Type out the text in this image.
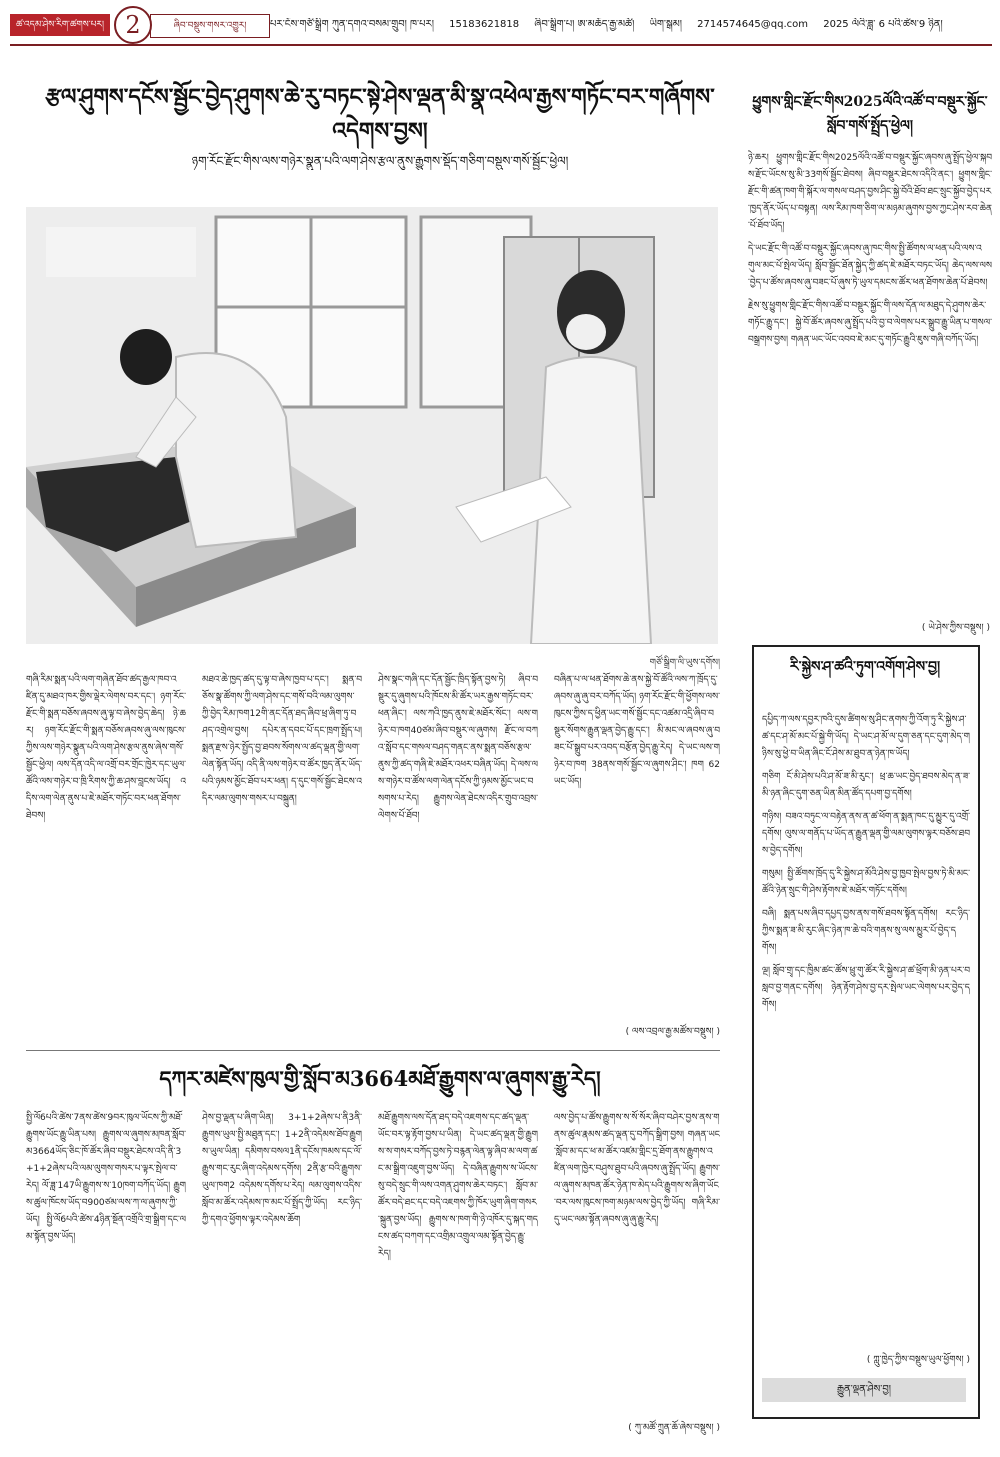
ཚ་འདམ་ཤེས་རིག་ཚགས་པར། 2	ཞིབ་བསྡུས་གསར་འགྱུར།	པར་ངོས་གཙོ་སྒྲིག ཀུན་དགའ་བསམ་གྲུབ། ཁ་པར། 15183621818 ཞིབ་སྒྲིག་པ། ཨ་མཆོད་རྒྱ་མཚོ། ཡིག་སྒམ། 2714574645@qq.com 2025 ལོའི་ཟླ་ 6 པའི་ཚེས་9 ཉིན།
རྩལ་ཤུགས་དངོས་སྦྱོང་བྱེད་ཤུགས་ཆེ་རུ་བཏང་སྟེ་ཤེས་ལྡན་མི་སྣ་འཕེལ་རྒྱས་གཏོང་བར་གཞོགས་འདེགས་བྱས།
ཉག་རོང་རྫོང་གིས་ལས་གཉེར་སྣུན་པའི་ལག་ཤེས་རྩལ་ནུས་རྒྱུགས་སྡོད་གཅིག་བསྡུས་གསོ་སྦྱོང་ཕྱེལ།
གཙོ་སྒྲིག་ལི་ཡུས་དགོས།
གཞི་རིམ་སྨན་པའི་ལག་གཞེན་ཐོབ་ཚད་རྒྱལ་ཁབ་འཛིན་དུ་མཐའ་ཁར་གྱིས་ལྡེར་ལེགས་བར་དང་། ཉག་རོང་རྫོང་གི་སྨན་བཅོས་ཞབས་ཞུ་ལྟ་བ་ཞེས་བྱེད་ཆེད། ཉེ་ཆར། ཉག་རོང་རྫོང་གི་སྨན་བཅོས་ཞབས་ཞུ་ལས་ཁུངས་ཀྱིས་ལས་གཉེར་སྣུན་པའི་ལག་ཤེས་རྩལ་ནུས་ཞེས་གསོ་སྦྱོང་ཕྱེལ། ལས་དོན་འདི་ལ་འགྲོ་བར་གྲོང་ཁྱེར་དང་ཡུལ་ཚོའི་ལས་གཉེར་བ་ཁྲི་རིགས་ཀྱི་ཆ་ཤས་བླངས་ཡོད། འདིས་ལག་ལེན་ནུས་པ་ཇེ་མཐོར་གཏོང་བར་ཕན་ཐོགས་ཐེབས།
མཐའ་ཆེ་ཁྱད་ཚད་དུ་ལྟ་བ་ཞེས་ཁྱབ་པ་དང་། སྨན་བཅོས་སྣ་ཚོགས་ཀྱི་ལག་ཤེས་དང་གསོ་བའི་ལམ་ལུགས་ཀྱི་བྱེད་རིམ་ཁག12གི་ནང་དོན་ཐད་ཞིབ་ཕྲ་ཞིག་ཏུ་བཤད་འགྲེལ་བྱས། དཔེར་ན་དབང་པོ་དང་ཁྲག་སྤྲོད་པ། སྨན་རྫས་ཉེར་སྤྱོད་བྱ་ཐབས་སོགས་ལ་ཚད་ལྡན་གྱི་ལག་ལེན་སྟོན་ཡོད། འདི་ནི་ལས་གཉེར་བ་ཚོར་ཁྱད་ནོར་ཡོད་པའི་ཉམས་མྱོང་ཐོབ་པར་ཕན། ད་དུང་གསོ་སྦྱོང་ཐེངས་འདིར་ལམ་ལུགས་གསར་པ་བསྐྲུན།
ཤེས་སྣང་གཞི་དང་དོན་སྦྱོང་ཁྲིད་སྟོན་བྱས་ཏེ། ཞིབ་བསྡུར་དུ་ཞུགས་པའི་ཁོངས་མི་ཚོར་ཡར་རྒྱས་གཏོང་བར་ཕན་ཞིང་། ལས་ཀའི་ཁྱད་ནུས་ཇེ་མཐོར་སོང་། ལས་གཉེར་བ་ཁག40ཙམ་ཞིབ་བསྡུར་ལ་ཞུགས། རྫོང་ལ་བཀའ་སློབ་དང་གསལ་བཤད་གནང་ནས་སྨན་བཅོས་རྩལ་ནུས་ཀྱི་ཚད་གཞི་ཇེ་མཐོར་འཕར་བཞིན་ཡོད། དེ་ལས་ལས་གཉེར་བ་ཚོས་ལག་ལེན་དངོས་ཀྱི་ཉམས་མྱོང་ཡང་བསགས་པ་རེད། རྒྱུགས་ལེན་ཐེངས་འདིར་གྲུབ་འབྲས་ལེགས་པོ་ཐོབ།
བཞིན་པ་ལ་ཕན་ཐོགས་ཆེ་ནས་སྐྱེ་བོ་ཚོའི་ལས་ཀ་ཁྲོད་དུ་ཞབས་ཞུ་ཞུ་བར་བཀོད་ཡོད། ཉག་རོང་རྫོང་གི་ཕྱོགས་ལས་ཁུངས་ཀྱིས་ད་ཕྱིན་ཡང་གསོ་སྦྱོང་དང་འཚམ་འདྲི་ཞིབ་བསྡུར་སོགས་རྒྱུན་ལྡན་བྱེད་རྒྱུ་དང་། མི་མང་ལ་ཞབས་ཞུ་བཟང་པོ་སྒྲུབ་པར་འབད་བརྩོན་བྱེད་རྒྱུ་རེད། དེ་ཡང་ལས་གཉེར་བ་ཁག 38ནས་གསོ་སྦྱོང་ལ་ཞུགས་ཤིང་། ཁག 62ཡང་ཡོད།
( ལས་འབྲལ་རྒྱ་མཚོས་བསྡུས། )
དཀར་མཛེས་ཁུལ་གྱི་སློབ་མ3664མཐོ་རྒྱུགས་ལ་ཞུགས་རྒྱུ་རེད།
སྤྱི་ལོ6པའི་ཚེས་7ནས་ཚེས་9བར་ཁུལ་ཡོངས་ཀྱི་མཐོ་རྒྱུགས་ཡོང་རྒྱུ་ཡིན་པས། རྒྱུགས་ལ་ཞུགས་མཁན་སློབ་མ3664ཡོད་ཅིང་ཁོ་ཚོར་ཞིབ་བསྡུར་ཐེངས་འདི་ནི་3+1+2ཞེས་པའི་ལམ་ལུགས་གསར་པ་ལྟར་སྤེལ་བ་རེད། ལོ་ཟླ་147ཡི་རྒྱུགས་ས་10ཁག་བཀོད་ཡོད། རྒྱུགས་ཚུལ་ཁོངས་ཡོད་བ900ཙམ་ལས་ཀ་ལ་ཞུགས་ཀྱི་ཡོད། སྤྱི་ལོ6པའི་ཚེས་4ཉིན་སྔོན་འགྲོའི་གྲ་སྒྲིག་དང་ལམ་སྟོན་བྱས་ཡོད།
ཤེས་བྱ་ལྡན་པ་ཞིག་ཡིན། 3+1+2ཞེས་པ་ནི3ནི་རྒྱུགས་ཡུལ་སྤྱི་མཐུན་དང་། 1+2ནི་འདེམས་ཐོབ་རྒྱུགས་ཡུལ་ཡིན། དམིགས་བསལ1ནི་དངོས་ཁམས་དང་ལོ་རྒྱུས་གང་རུང་ཞིག་འདེམས་དགོས། 2ནི་རྩ་བའི་རྒྱུགས་ཡུལ་ཁག2 འདེམས་དགོས་པ་རེད། ལམ་ལུགས་འདིས་སློབ་མ་ཚོར་འདེམས་ཁ་མང་པོ་སྤྲོད་ཀྱི་ཡོད། རང་ཉིད་ཀྱི་དགའ་ཕྱོགས་ལྟར་འདེམས་ཆོག
མཐོ་རྒྱུགས་ལས་དོན་ཐད་བདེ་འཇགས་དང་ཚད་ལྡན་ཡོང་བར་ལྟ་རྟོག་བྱས་པ་ཡིན། དེ་ཡང་ཚད་ལྡན་གྱི་རྒྱུགས་ས་གསར་བཀོད་བྱས་ཏེ་བརྙན་ལེན་ལྟ་ཞིབ་མ་ལག་ཚང་མ་སྒྲིག་འཇུག་བྱས་ཡོད། དེ་བཞིན་རྒྱུགས་ས་ཡོངས་སུ་བདེ་སྲུང་གི་ལས་འགན་ཤུགས་ཆེར་བཏང་། སློབ་མ་ཚོར་བདེ་ཐང་དང་བདེ་འཇགས་ཀྱི་ཁོར་ཡུག་ཞིག་གསར་སྐྲུན་བྱས་ཡོད། རྒྱུགས་ས་ཁག་གི་ཉེ་འཁོར་དུ་སྐད་གདངས་ཚད་བཀག་དང་འགྲིམ་འགྲུལ་ལམ་སྟོན་བྱེད་རྒྱུ་རེད།
ལས་བྱེད་པ་ཚོས་རྒྱུགས་ས་སོ་སོར་ཞིབ་བཤེར་བྱས་ནས་གནས་ཚུལ་རྣམས་ཚད་ལྡན་དུ་བཀོད་སྒྲིག་བྱས། གཞན་ཡང་སློབ་མ་དང་ཕ་མ་ཚོར་འཛམ་གླིང་དྲ་ཐོག་ནས་རྒྱུགས་འཛིན་ལག་ཁྱེར་བཤུས་ཐུབ་པའི་ཞབས་ཞུ་སྤྲོད་ཡོད། རྒྱུགས་ལ་ཞུགས་མཁན་ཚོར་ཉེན་ཁ་མེད་པའི་རྒྱུགས་ས་ཞིག་ཡོང་བར་ལས་ཁུངས་ཁག་མཉམ་ལས་བྱེད་ཀྱི་ཡོད། གཞི་རིམ་དུ་ཡང་ལམ་སྟོན་ཞབས་ཞུ་ཞུ་རྒྱུ་རེད།
( ཀུ་མཚོ་ཀྲུན་ཆོ་ཞེས་བསྡུས། )
ཕྱུགས་གླིང་རྫོང་གིས2025ལོའི་འཚོ་བ་བསྡུར་སྐྱོང་སློབ་གསོ་སྤྲོད་ཕྱེལ།

ཉེ་ཆར། ཕྱུགས་གླིང་རྫོང་གིས2025ལོའི་འཚོ་བ་བསྡུར་སྐྱོང་ཞབས་ཞུ་སྤྲོད་ཕྱེལ་སྐབས་རྫོང་ཡོངས་སུ་མི་33གསོ་སྦྱོང་ཐེབས། ཞིབ་བསྡུར་ཐེངས་འདིའི་ནང་། ཕྱུགས་གླིང་རྫོང་གི་ཚན་ཁག་གི་སྐོར་ལ་གསལ་བཤད་བྱས་ཤིང་སྐྱེ་བོའི་ཐོབ་ཐང་སྲུང་སྐྱོབ་བྱེད་པར་ཁྱད་ནོར་ཡོད་པ་བསྟན། ལས་རིམ་ཁག་ཅིག་ལ་མཉམ་ཞུགས་བྱས་ཀྱང་ཤེས་རབ་ཆེན་པོ་ཐོབ་ཡོད།

དེ་ཡང་རྫོང་གི་འཚོ་བ་བསྡུར་སྐྱོང་ཞབས་ཞུ་ཁང་གིས་སྤྱི་ཚོགས་ལ་ཕན་པའི་ལས་འགུལ་མང་པོ་སྤེལ་ཡོད། སློབ་སྦྱོང་ཐོན་སྐྱེད་ཀྱི་ཚད་ཇེ་མཐོར་བཏང་ཡོད། ཆེད་ལས་ལས་བྱེད་པ་ཚོས་ཞབས་ཞུ་བཟང་པོ་ཞུས་ཏེ་ཡུལ་དམངས་ཚོར་ཕན་ཐོགས་ཆེན་པོ་ཐེབས།

རྗེས་སུ་ཕྱུགས་གླིང་རྫོང་གིས་འཚོ་བ་བསྡུར་སྐྱོང་གི་ལས་དོན་ལ་མཐུད་དེ་ཤུགས་ཆེར་གཏོང་རྒྱུ་དང་། སྐྱེ་བོ་ཚོར་ཞབས་ཞུ་སྤྲོད་པའི་བྱ་བ་ལེགས་པར་སྒྲུབ་རྒྱུ་ཡིན་པ་གསལ་བསྒྲགས་བྱས། གཞན་ཡང་ཡོང་འབབ་ཇེ་མང་དུ་གཏོང་རྒྱུའི་ཇུས་གཞི་བཀོད་ཡོད།

( ཡེ་ཤེས་ཀྱིས་བསྡུས། )
རི་སྐྱེས་ཤ་ཚའི་ཏུག་འགོག་ཤེས་བྱ།

དཔྱིད་ཀ་ལས་དབྱར་ཁའི་དུས་ཚིགས་སུ་ཤིང་ནགས་ཀྱི་འོག་ཏུ་རི་སྐྱེས་ཤ་ཚ་དང་ཤ་མོ་མང་པོ་སྐྱེ་གི་ཡོད། དེ་ཡང་ཤ་མོ་ལ་དུག་ཅན་དང་དུག་མེད་གཉིས་སུ་ཕྱེ་བ་ཡིན་ཞིང་ངོ་ཤེས་མ་ཐུབ་ན་ཉེན་ཁ་ཡོད།

གཅིག ངོ་མི་ཤེས་པའི་ཤ་མོ་ཟ་མི་རུང་། ཕྲ་ཆ་ཡང་བྱེད་ཐབས་མེད་ན་ཟ་མི་ཉན་ཞིང་དུག་ཅན་ཡིན་མིན་ཚོད་དཔག་བྱ་དགོས།

གཉིས། བཟའ་བཏུང་ལ་བརྟེན་ནས་ན་ཚ་ཕོག་ན་སྨན་ཁང་དུ་མྱུར་དུ་འགྲོ་དགོས། ལུས་ལ་གནོད་པ་ཡོད་ན་རྒྱུན་ལྡན་གྱི་ལམ་ལུགས་ལྟར་བཅོས་ཐབས་བྱེད་དགོས།

གསུམ། སྤྱི་ཚོགས་ཁྲོད་དུ་རི་སྐྱེས་ཤ་མོའི་ཤེས་བྱ་ཁྱབ་སྤེལ་བྱས་ཏེ་མི་མང་ཚོའི་ཉེན་སྲུང་གི་ཤེས་རྟོགས་ཇེ་མཐོར་གཏོང་དགོས།

བཞི། སྨན་པས་ཞིབ་དཔྱད་བྱས་ནས་གསོ་ཐབས་སྟོན་དགོས། རང་ཉིད་ཀྱིས་སྨན་ཟ་མི་རུང་ཞིང་ཉེན་ཁ་ཆེ་བའི་གནས་སུ་ལས་མྱུར་པོ་བྱེད་དགོས།

ལྔ། སློབ་གྲྭ་དང་ཁྱིམ་ཚང་ཚོས་ཕྲུ་གུ་ཚོར་རི་སྐྱེས་ཤ་ཚ་ཕྲོག་མི་ཉན་པར་བསླབ་བྱ་གནང་དགོས། ཉེན་རྟོག་ཤེས་བྱ་དར་སྤེལ་ཡང་ལེགས་པར་བྱེད་དགོས།

( ཀླུ་ཁྱེད་ཀྱིས་བསྡུས་ཡུལ་ཕྱོགས། )
རྒྱུན་ལྡན་ཤེས་བྱ།
